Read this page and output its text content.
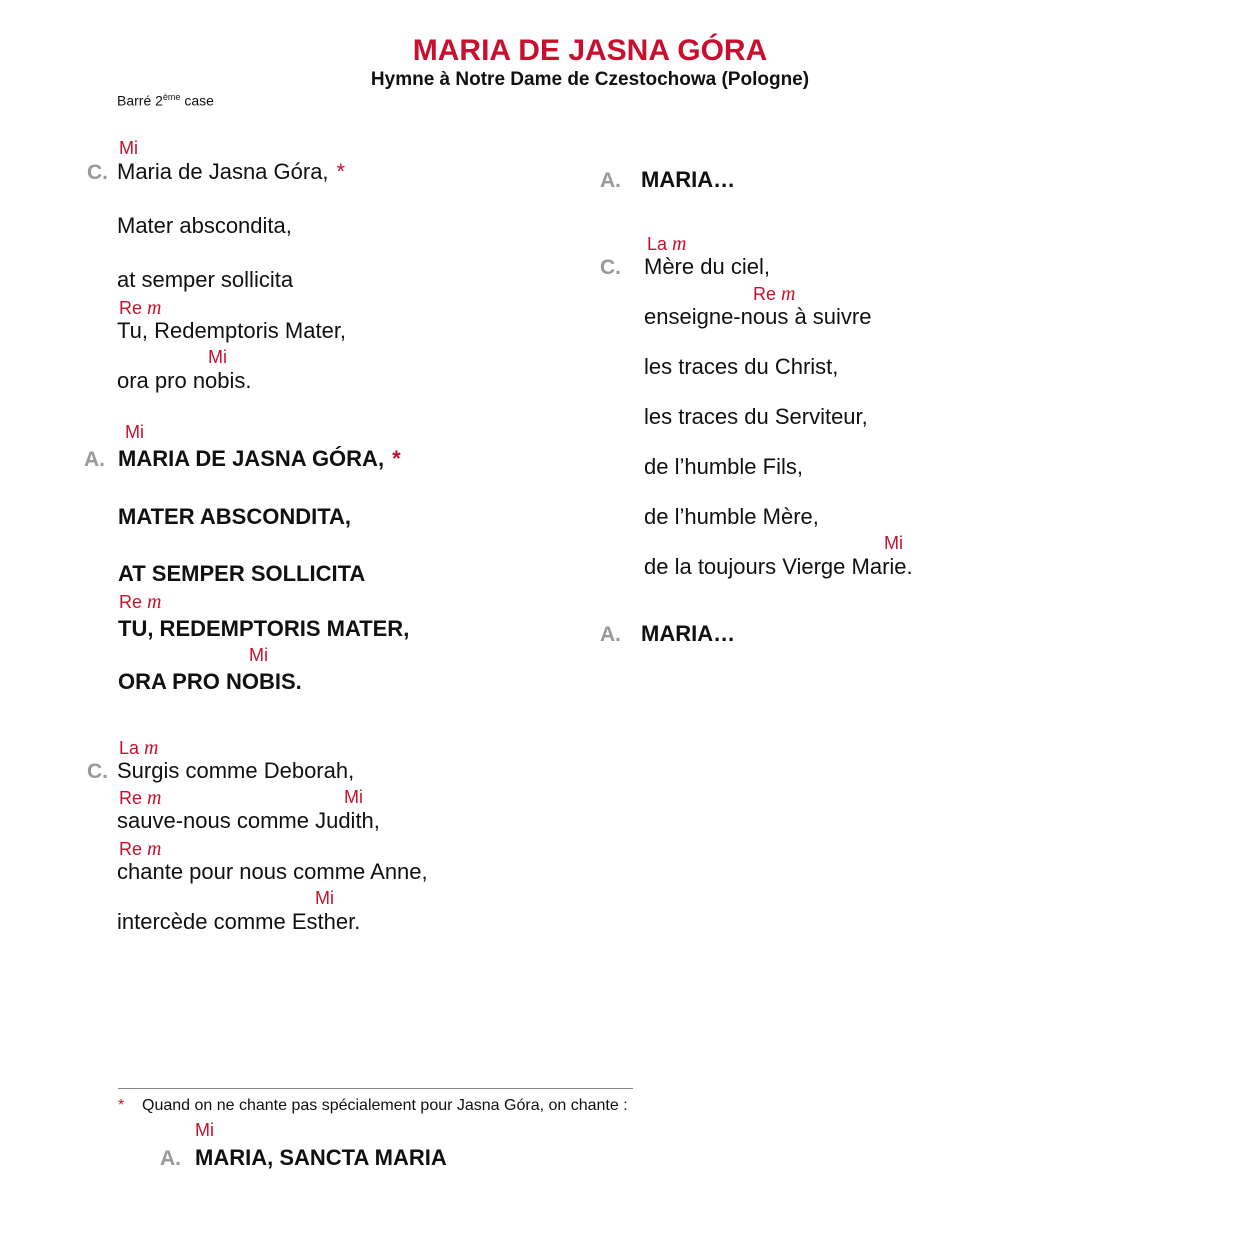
MARIA DE JASNA GÓRA
Hymne à Notre Dame de Czestochowa (Pologne)
Barré 2ème case
Mi
C. Maria de Jasna Góra, *
Mater abscondita,
at semper sollicita
Re m
Tu, Redemptoris Mater,
Mi
ora pro nobis.
Mi
A. MARIA DE JASNA GÓRA, *
MATER ABSCONDITA,
AT SEMPER SOLLICITA
Re m
TU, REDEMPTORIS MATER,
Mi
ORA PRO NOBIS.
La m
C. Surgis comme Deborah,
Re m	Mi
sauve-nous comme Judith,
Re m
chante pour nous comme Anne,
Mi
intercède comme Esther.
A. MARIA…
La m
C. Mère du ciel,
Re m
enseigne-nous à suivre
les traces du Christ,
les traces du Serviteur,
de l’humble Fils,
de l’humble Mère,
Mi
de la toujours Vierge Marie.
A. MARIA…
* Quand on ne chante pas spécialement pour Jasna Góra, on chante :
Mi
A. MARIA, SANCTA MARIA
